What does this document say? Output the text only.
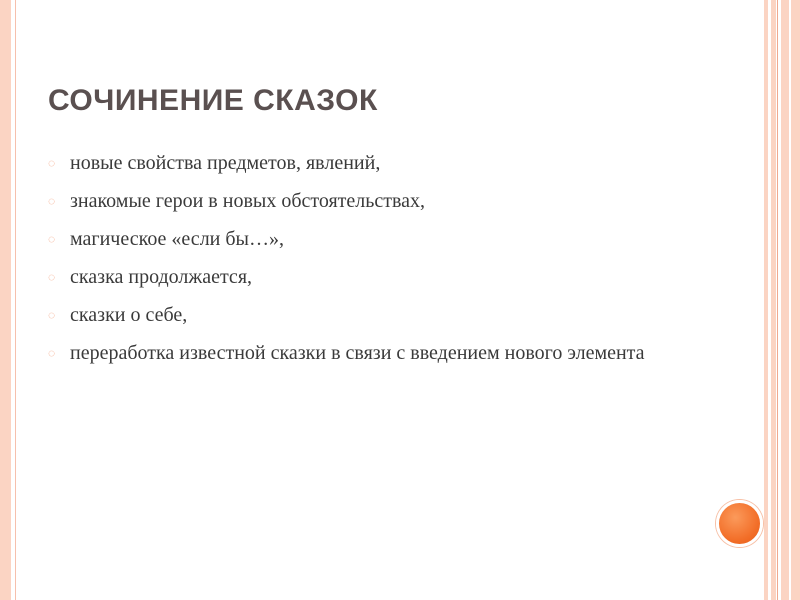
СОЧИНЕНИЕ СКАЗОК
◌ новые свойства предметов, явлений,
◌ знакомые герои в новых обстоятельствах,
◌ магическое «если бы…»,
◌ сказка продолжается,
◌ сказки о себе,
◌ переработка известной сказки в связи с введением нового элемента
